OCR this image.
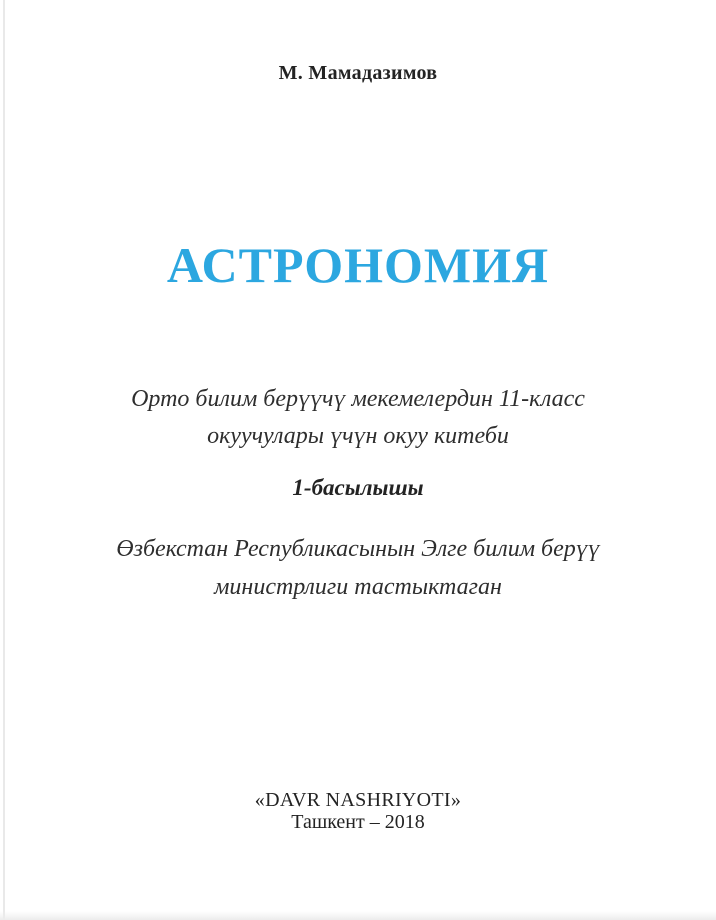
М. Мамадазимов
АСТРОНОМИЯ
Орто билим берүүчү мекемелердин 11-класс
окуучулары үчүн окуу китеби
1-басылышы
Өзбекстан Республикасынын Элге билим берүү
министрлиги тастыктаган
«DAVR NASHRIYOTI»
Ташкент – 2018
